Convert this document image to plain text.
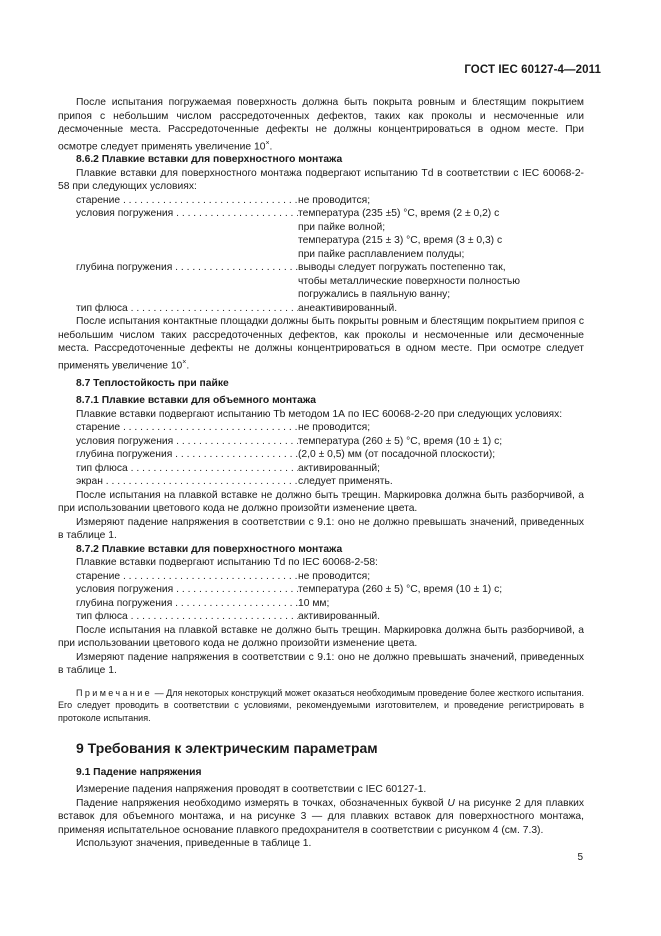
ГОСТ IEC 60127-4—2011

После испытания погружаемая поверхность должна быть покрыта ровным и блестящим покрытием припоя с небольшим числом рассредоточенных дефектов, таких как проколы и несмоченные или десмоченные места. Рассредоточенные дефекты не должны концентрироваться в одном месте. При осмотре следует применять увеличение 10×.

8.6.2 Плавкие вставки для поверхностного монтажа

Плавкие вставки для поверхностного монтажа подвергают испытанию Td в соответствии с IEC 60068-2-58 при следующих условиях:

старение . . .	не проводится;
условия погружения . . .	температура (235 ±5) °С, время (2 ± 0,2) с
при пайке волной;
температура (215 ± 3) °С, время (3 ± 0,3) с
при пайке расплавлением полуды;
глубина погружения . . .	выводы следует погружать постепенно так,
чтобы металлические поверхности полностью
погружались в паяльную ванну;
тип флюса . . .	анеактивированный.

После испытания контактные площадки должны быть покрыты ровным и блестящим покрытием припоя с небольшим числом таких рассредоточенных дефектов, как проколы и несмоченные или десмоченные места. Рассредоточенные дефекты не должны концентрироваться в одном месте. При осмотре следует применять увеличение 10×.

8.7 Теплостойкость при пайке
8.7.1 Плавкие вставки для объемного монтажа

Плавкие вставки подвергают испытанию Tb методом 1А по IEC 60068-2-20 при следующих условиях:

старение . . .	не проводится;
условия погружения . . .	температура (260 ± 5) °С, время (10 ± 1) с;
глубина погружения . . .	(2,0 ± 0,5) мм (от посадочной плоскости);
тип флюса . . .	активированный;
экран . . .	следует применять.

После испытания на плавкой вставке не должно быть трещин. Маркировка должна быть разборчивой, а при использовании цветового кода не должно произойти изменение цвета.

Измеряют падение напряжения в соответствии с 9.1: оно не должно превышать значений, приведенных в таблице 1.

8.7.2 Плавкие вставки для поверхностного монтажа

Плавкие вставки подвергают испытанию Td по IEC 60068-2-58:

старение . . .	не проводится;
условия погружения . . .	температура (260 ± 5) °С, время (10 ± 1) с;
глубина погружения . . .	10 мм;
тип флюса . . .	активированный.

После испытания на плавкой вставке не должно быть трещин. Маркировка должна быть разборчивой, а при использовании цветового кода не должно произойти изменение цвета.

Измеряют падение напряжения в соответствии с 9.1: оно не должно превышать значений, приведенных в таблице 1.

Примечание — Для некоторых конструкций может оказаться необходимым проведение более жесткого испытания. Его следует проводить в соответствии с условиями, рекомендуемыми изготовителем, и проведение регистрировать в протоколе испытания.

9 Требования к электрическим параметрам
9.1 Падение напряжения

Измерение падения напряжения проводят в соответствии с IEC 60127-1.

Падение напряжения необходимо измерять в точках, обозначенных буквой U на рисунке 2 для плавких вставок для объемного монтажа, и на рисунке 3 — для плавких вставок для поверхностного монтажа, применяя испытательное основание плавкого предохранителя в соответствии с рисунком 4 (см. 7.3).

Используют значения, приведенные в таблице 1.

5
